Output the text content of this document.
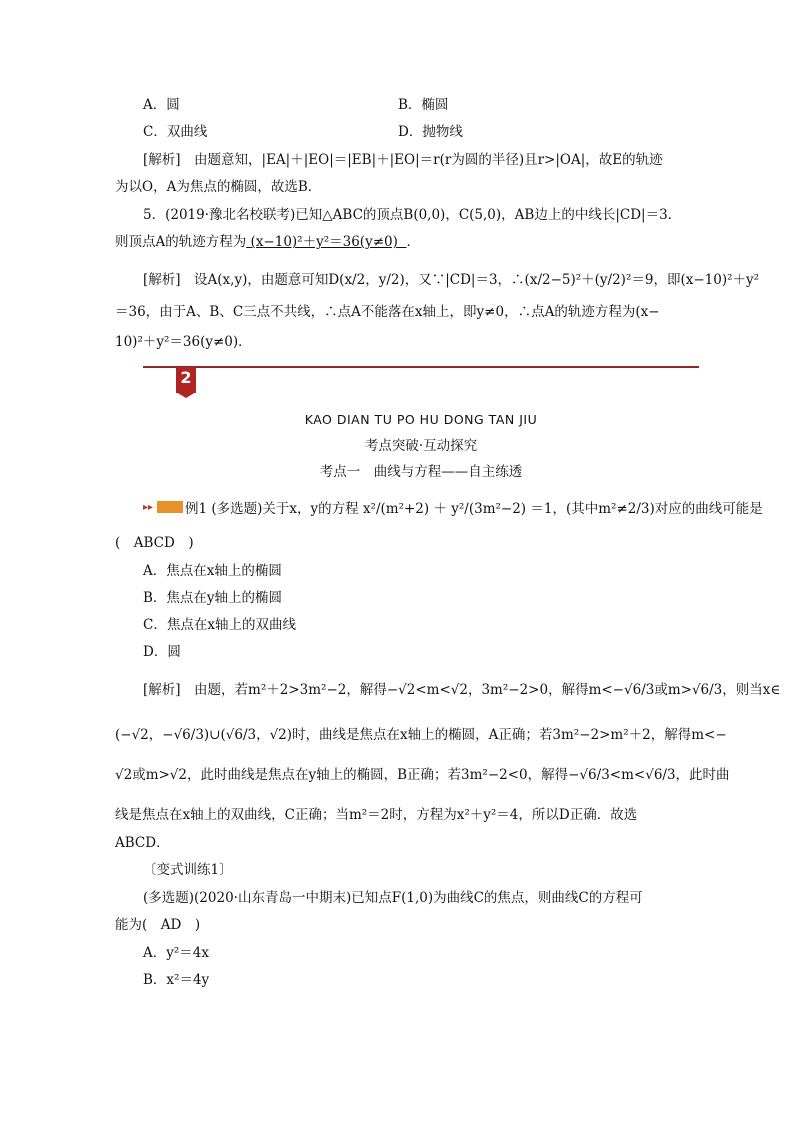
A．圆	B．椭圆
C．双曲线	D．抛物线
[解析]　由题意知，|EA|＋|EO|＝|EB|＋|EO|＝r(r为圆的半径)且r>|OA|，故E的轨迹
为以O，A为焦点的椭圆，故选B．
5．(2019·豫北名校联考)已知△ABC的顶点B(0,0)，C(5,0)，AB边上的中线长|CD|＝3．
则顶点A的轨迹方程为 (x−10)²＋y²＝36(y≠0) ．
[解析]　设A(x,y)，由题意可知D(x/2，y/2)，又∵|CD|＝3，∴(x/2−5)²＋(y/2)²＝9，即(x−10)²＋y²
＝36，由于A、B、C三点不共线，∴点A不能落在x轴上，即y≠0，∴点A的轨迹方程为(x−
10)²＋y²＝36(y≠0)．
2
KAO DIAN TU PO HU DONG TAN JIU
考点突破·互动探究
考点一　曲线与方程——自主练透
▸▸ 例1 (多选题)关于x，y的方程 x²/(m²+2) ＋ y²/(3m²−2) ＝1，(其中m²≠2/3)对应的曲线可能是
(　ABCD　)
A．焦点在x轴上的椭圆
B．焦点在y轴上的椭圆
C．焦点在x轴上的双曲线
D．圆
[解析]　由题，若m²＋2>3m²−2，解得−√2<m<√2，3m²−2>0，解得m<−√6/3或m>√6/3，则当x∈
(−√2，−√6/3)∪(√6/3，√2)时，曲线是焦点在x轴上的椭圆，A正确；若3m²−2>m²＋2，解得m<−
√2或m>√2，此时曲线是焦点在y轴上的椭圆，B正确；若3m²−2<0，解得−√6/3<m<√6/3，此时曲
线是焦点在x轴上的双曲线，C正确；当m²＝2时，方程为x²＋y²＝4，所以D正确．故选
ABCD．
〔变式训练1〕
(多选题)(2020·山东青岛一中期末)已知点F(1,0)为曲线C的焦点，则曲线C的方程可
能为(　AD　)
A．y²＝4x
B．x²＝4y
